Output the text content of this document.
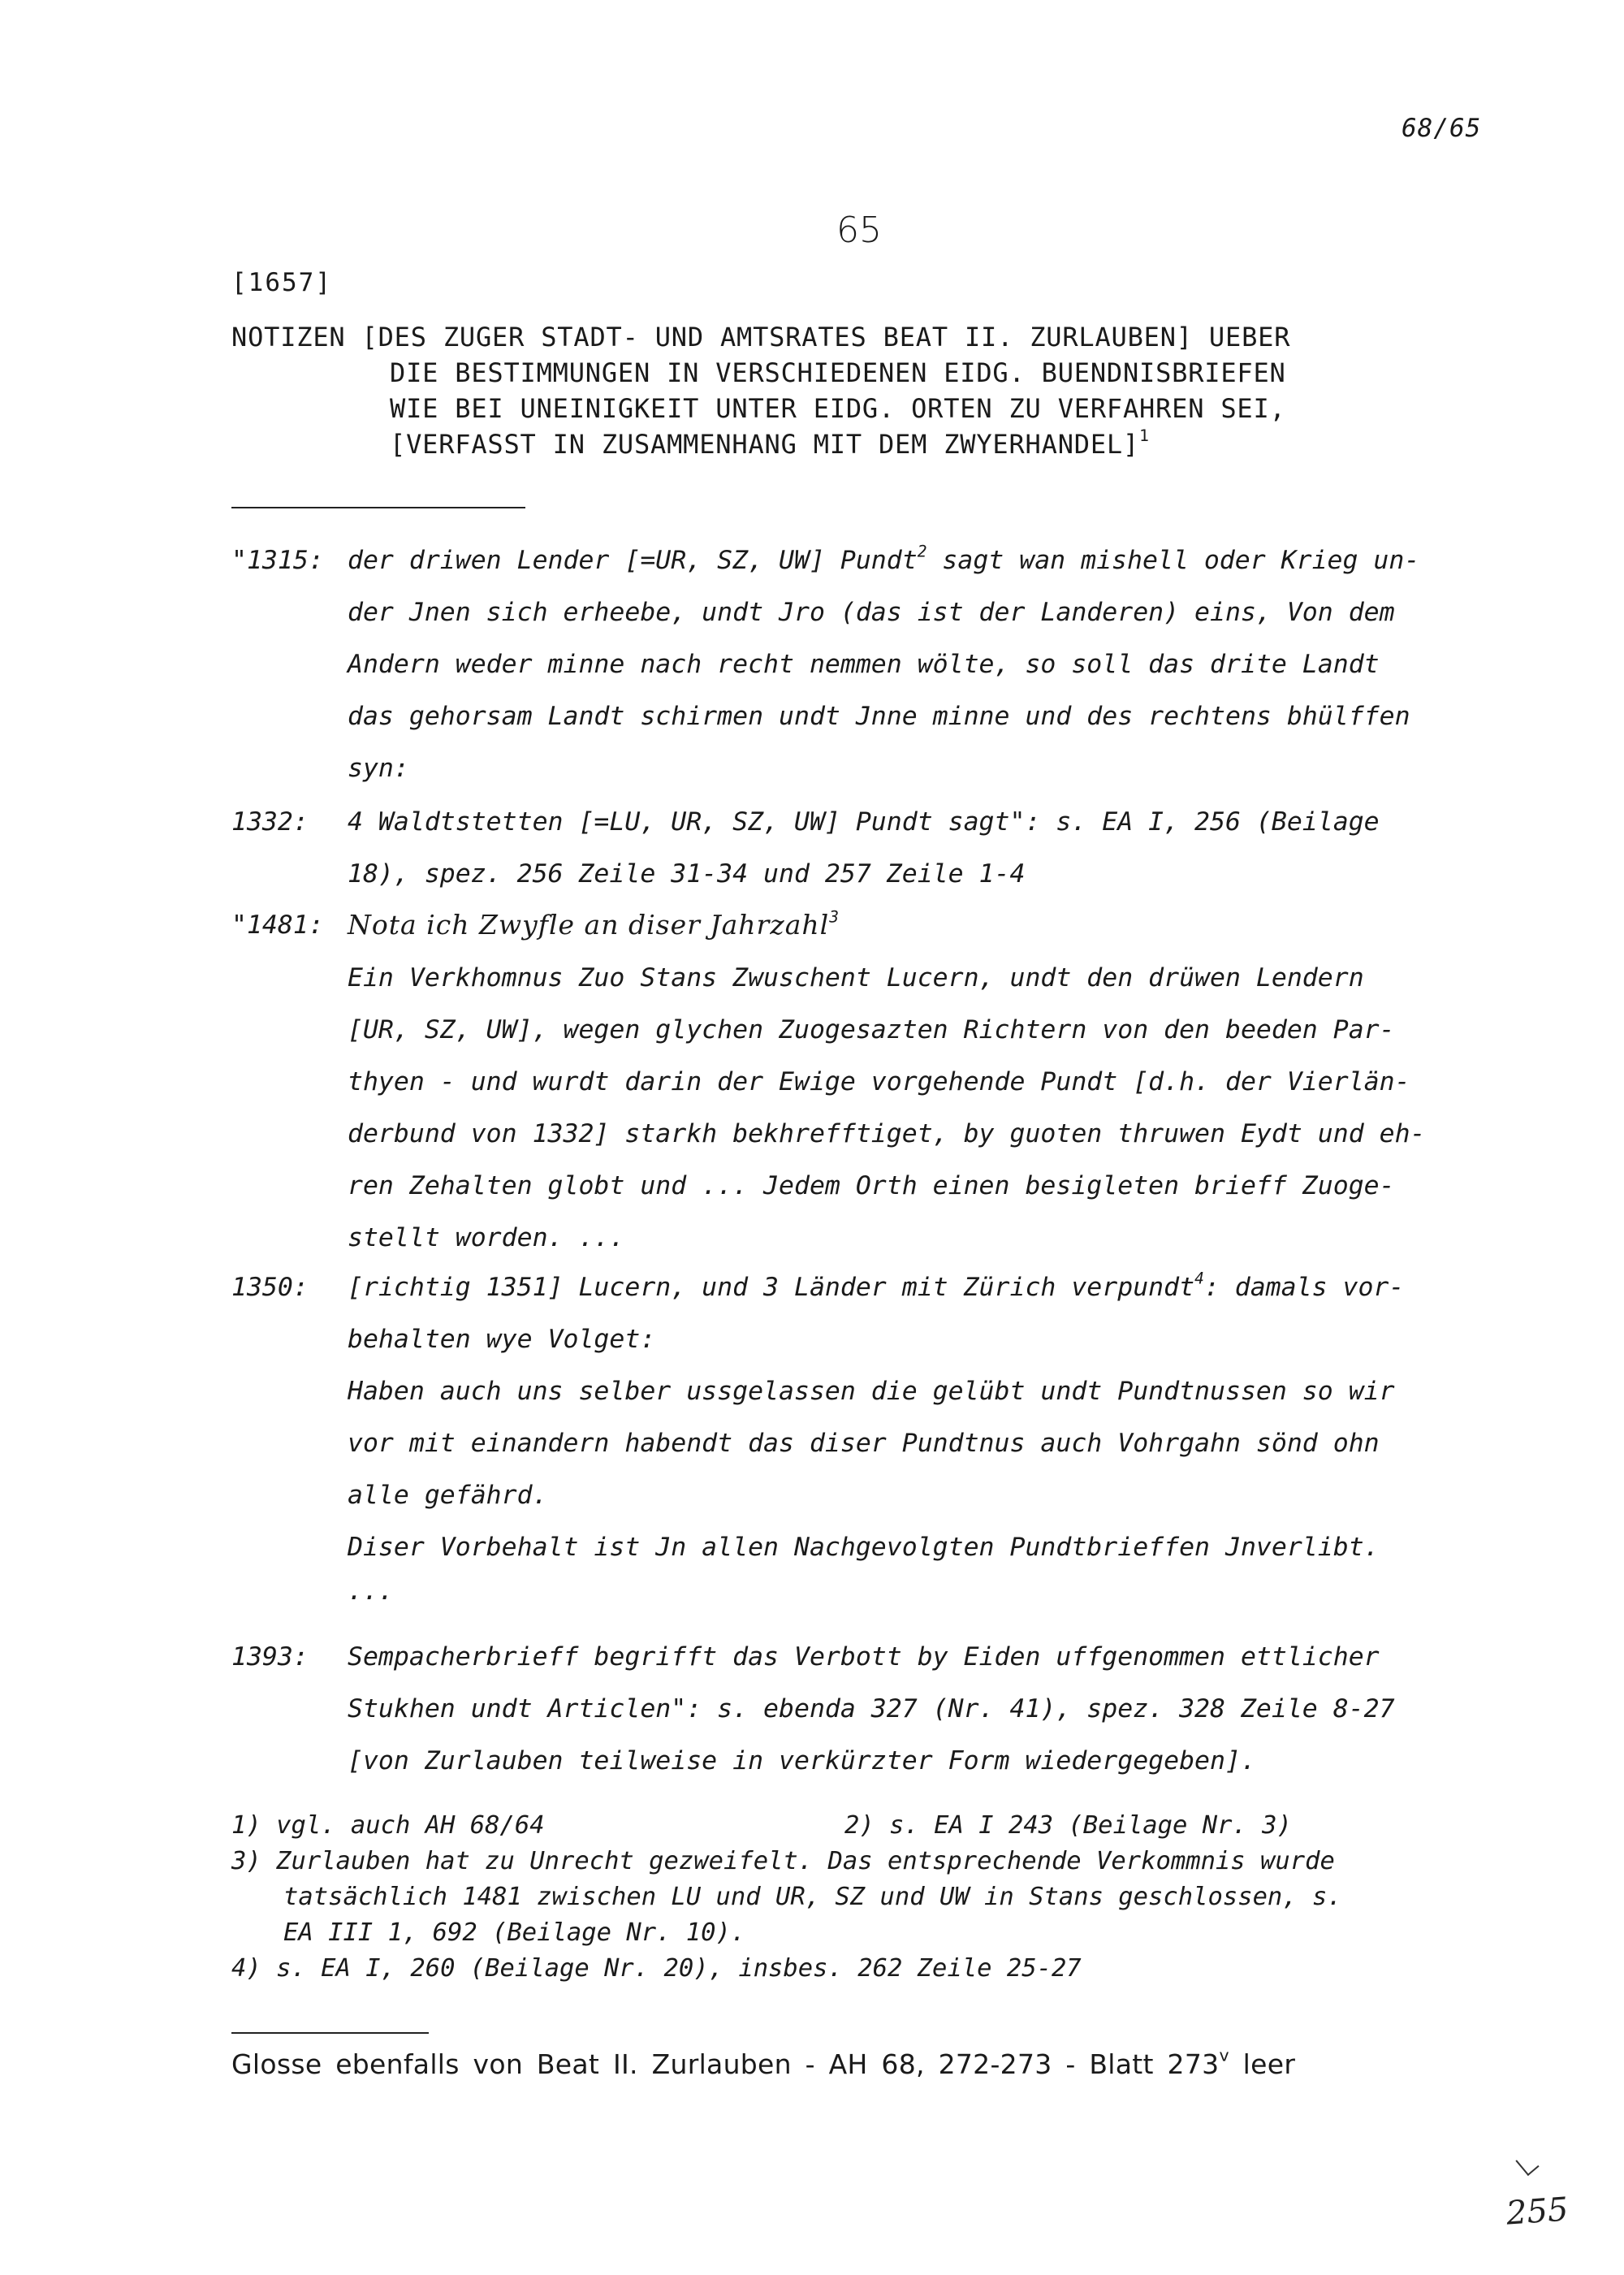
68/65
65
[1657]
NOTIZEN [DES ZUGER STADT- UND AMTSRATES BEAT II. ZURLAUBEN] UEBER
DIE BESTIMMUNGEN IN VERSCHIEDENEN EIDG. BUENDNISBRIEFEN
WIE BEI UNEINIGKEIT UNTER EIDG. ORTEN ZU VERFAHREN SEI,
[VERFASST IN ZUSAMMENHANG MIT DEM ZWYERHANDEL]$^1$
"1315: der driwen Lender [=UR, SZ, UW] Pundt$^2$ sagt wan mishell oder Krieg un-
der Jnen sich erheebe, undt Jro (das ist der Landeren) eins, Von dem
Andern weder minne nach recht nemmen wölte, so soll das drite Landt
das gehorsam Landt schirmen undt Jnne minne und des rechtens bhülffen
syn:
1332: 4 Waldtstetten [=LU, UR, SZ, UW] Pundt sagt": s. EA I, 256 (Beilage
18), spez. 256 Zeile 31-34 und 257 Zeile 1-4
"1481: Nota ich Zwyfle an diser Jahrzahl$^3$
Ein Verkhomnus Zuo Stans Zwuschent Lucern, undt den drüwen Lendern
[UR, SZ, UW], wegen glychen Zuogesazten Richtern von den beeden Par-
thyen - und wurdt darin der Ewige vorgehende Pundt [d.h. der Vierlän-
derbund von 1332] starkh bekhrefftiget, by guoten thruwen Eydt und eh-
ren Zehalten globt und ... Jedem Orth einen besigleten brieff Zuoge-
stellt worden. ...
1350: [richtig 1351] Lucern, und 3 Länder mit Zürich verpundt$^4$: damals vor-
behalten wye Volget:
Haben auch uns selber ussgelassen die gelübt undt Pundtnussen so wir
vor mit einandern habendt das diser Pundtnus auch Vohrgahn sönd ohn
alle gefährd.
Diser Vorbehalt ist Jn allen Nachgevolgten Pundtbrieffen Jnverlibt.
...
1393: Sempacherbrieff begrifft das Verbott by Eiden uffgenommen ettlicher
Stukhen undt Articlen": s. ebenda 327 (Nr. 41), spez. 328 Zeile 8-27
[von Zurlauben teilweise in verkürzter Form wiedergegeben].
1) vgl. auch AH 68/64	2) s. EA I 243 (Beilage Nr. 3)
3) Zurlauben hat zu Unrecht gezweifelt. Das entsprechende Verkommnis wurde
tatsächlich 1481 zwischen LU und UR, SZ und UW in Stans geschlossen, s.
EA III 1, 692 (Beilage Nr. 10).
4) s. EA I, 260 (Beilage Nr. 20), insbes. 262 Zeile 25-27
Glosse ebenfalls von Beat II. Zurlauben - AH 68, 272-273 - Blatt 273$^v$ leer
255
